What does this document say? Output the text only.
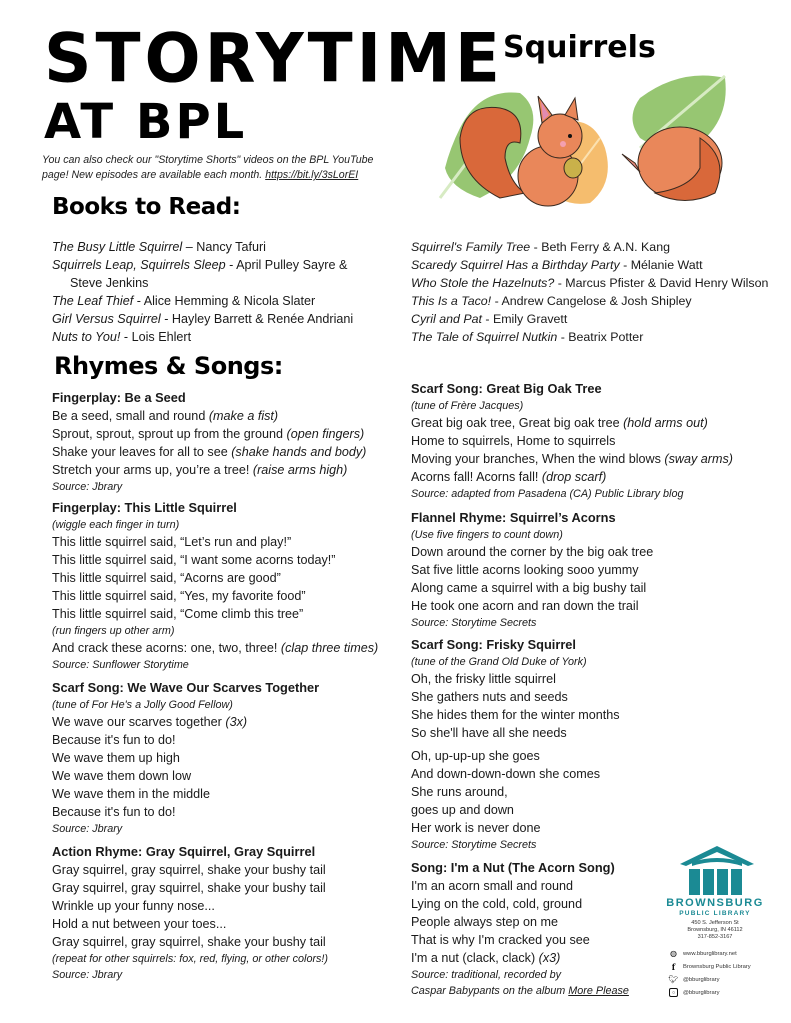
STORYTIME
AT BPL
You can also check our "Storytime Shorts" videos on the BPL YouTube page! New episodes are available each month. https://bit.ly/3sLorEI
Squirrels
Books to Read:
The Busy Little Squirrel – Nancy Tafuri
Squirrels Leap, Squirrels Sleep - April Pulley Sayre &
Steve Jenkins
The Leaf Thief - Alice Hemming & Nicola Slater
Girl Versus Squirrel - Hayley Barrett & Renée Andriani
Nuts to You! - Lois Ehlert
Squirrel's Family Tree - Beth Ferry & A.N. Kang
Scaredy Squirrel Has a Birthday Party - Mélanie Watt
Who Stole the Hazelnuts? - Marcus Pfister & David Henry Wilson
This Is a Taco! - Andrew Cangelose & Josh Shipley
Cyril and Pat - Emily Gravett
The Tale of Squirrel Nutkin - Beatrix Potter
Rhymes & Songs:
Fingerplay: Be a Seed
Be a seed, small and round (make a fist)
Sprout, sprout, sprout up from the ground (open fingers)
Shake your leaves for all to see (shake hands and body)
Stretch your arms up, you’re a tree! (raise arms high)
Source: Jbrary
Fingerplay: This Little Squirrel
(wiggle each finger in turn)
This little squirrel said, “Let’s run and play!”
This little squirrel said, “I want some acorns today!”
This little squirrel said, “Acorns are good”
This little squirrel said, “Yes, my favorite food”
This little squirrel said, “Come climb this tree”
(run fingers up other arm)
And crack these acorns: one, two, three! (clap three times)
Source: Sunflower Storytime
Scarf Song: We Wave Our Scarves Together
(tune of For He's a Jolly Good Fellow)
We wave our scarves together (3x)
Because it's fun to do!
We wave them up high
We wave them down low
We wave them in the middle
Because it's fun to do!
Source: Jbrary
Action Rhyme: Gray Squirrel, Gray Squirrel
Gray squirrel, gray squirrel, shake your bushy tail
Gray squirrel, gray squirrel, shake your bushy tail
Wrinkle up your funny nose...
Hold a nut between your toes...
Gray squirrel, gray squirrel, shake your bushy tail
(repeat for other squirrels: fox, red, flying, or other colors!)
Source: Jbrary
Scarf Song: Great Big Oak Tree
(tune of Frère Jacques)
Great big oak tree, Great big oak tree (hold arms out)
Home to squirrels, Home to squirrels
Moving your branches, When the wind blows (sway arms)
Acorns fall! Acorns fall! (drop scarf)
Source: adapted from Pasadena (CA) Public Library blog
Flannel Rhyme: Squirrel’s Acorns
(Use five fingers to count down)
Down around the corner by the big oak tree
Sat five little acorns looking sooo yummy
Along came a squirrel with a big bushy tail
He took one acorn and ran down the trail
Source: Storytime Secrets
Scarf Song: Frisky Squirrel
(tune of the Grand Old Duke of York)
Oh, the frisky little squirrel
She gathers nuts and seeds
She hides them for the winter months
So she'll have all she needs
Oh, up-up-up she goes
And down-down-down she comes
She runs around,
goes up and down
Her work is never done
Source: Storytime Secrets
Song: I'm a Nut (The Acorn Song)
I'm an acorn small and round
Lying on the cold, cold, ground
People always step on me
That is why I'm cracked you see
I'm a nut (clack, clack) (x3)
Source: traditional, recorded by
Caspar Babypants on the album More Please
BROWNSBURG
PUBLIC LIBRARY
450 S. Jefferson St
Brownsburg, IN 46112
317-852-3167
◍ www.bburglibrary.net
f	Brownsburg Public Library
🐦︎ @bburglibrary
○	@bburglibrary
